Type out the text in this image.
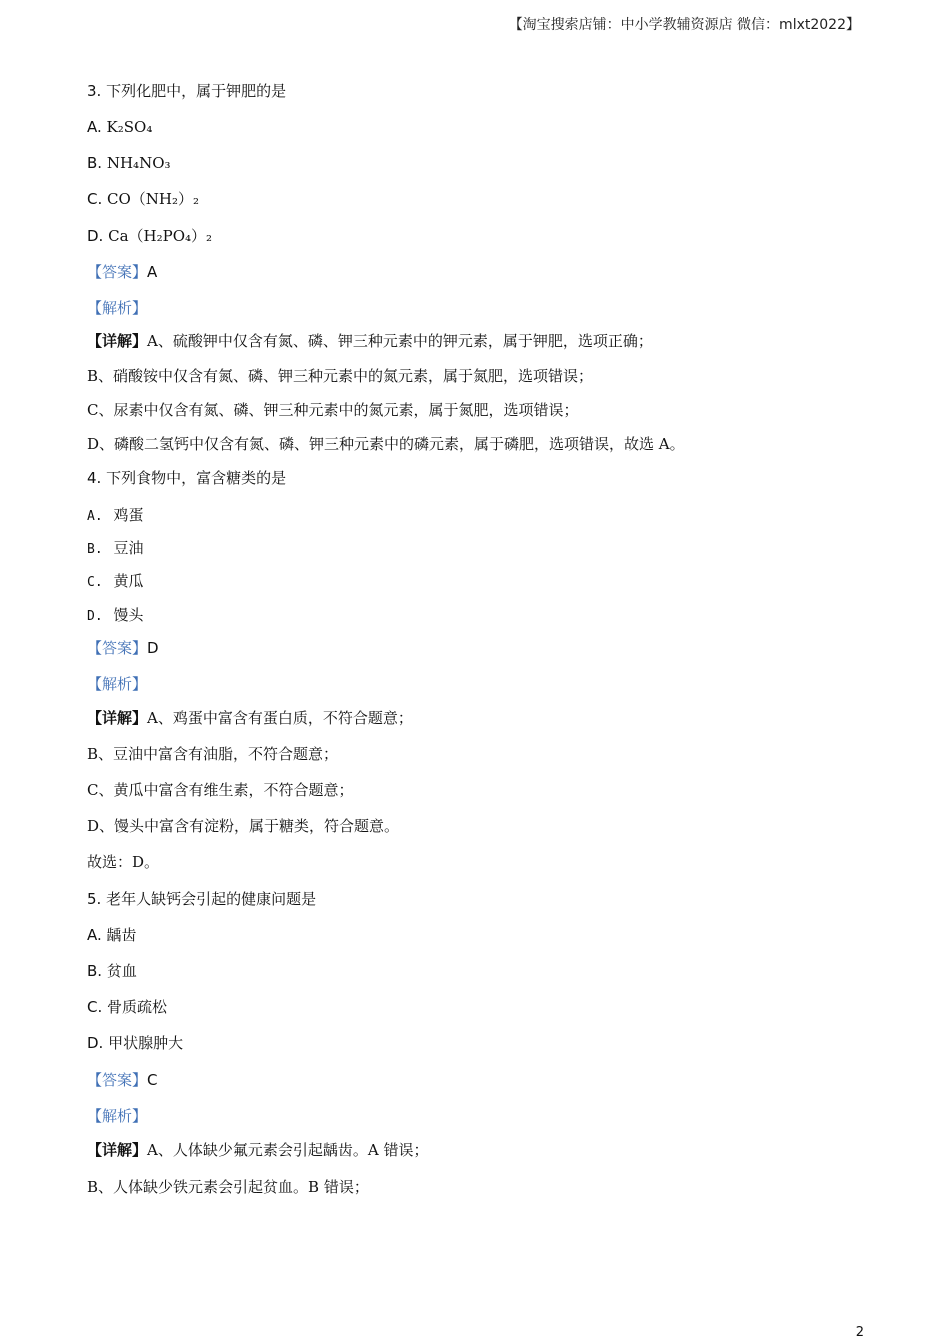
【淘宝搜索店铺：中小学教辅资源店 微信：mlxt2022】
3. 下列化肥中，属于钾肥的是
A. K₂SO₄
B. NH₄NO₃
C. CO（NH₂）₂
D. Ca（H₂PO₄）₂
【答案】A
【解析】
【详解】A、硫酸钾中仅含有氮、磷、钾三种元素中的钾元素，属于钾肥，选项正确；
B、硝酸铵中仅含有氮、磷、钾三种元素中的氮元素，属于氮肥，选项错误；
C、尿素中仅含有氮、磷、钾三种元素中的氮元素，属于氮肥，选项错误；
D、磷酸二氢钙中仅含有氮、磷、钾三种元素中的磷元素，属于磷肥，选项错误，故选 A。
4. 下列食物中，富含糖类的是
A. 鸡蛋
B. 豆油
C. 黄瓜
D. 馒头
【答案】D
【解析】
【详解】A、鸡蛋中富含有蛋白质，不符合题意；
B、豆油中富含有油脂，不符合题意；
C、黄瓜中富含有维生素，不符合题意；
D、馒头中富含有淀粉，属于糖类，符合题意。
故选：D。
5. 老年人缺钙会引起的健康问题是
A. 龋齿
B. 贫血
C. 骨质疏松
D. 甲状腺肿大
【答案】C
【解析】
【详解】A、人体缺少氟元素会引起龋齿。A 错误；
B、人体缺少铁元素会引起贫血。B 错误；
2
